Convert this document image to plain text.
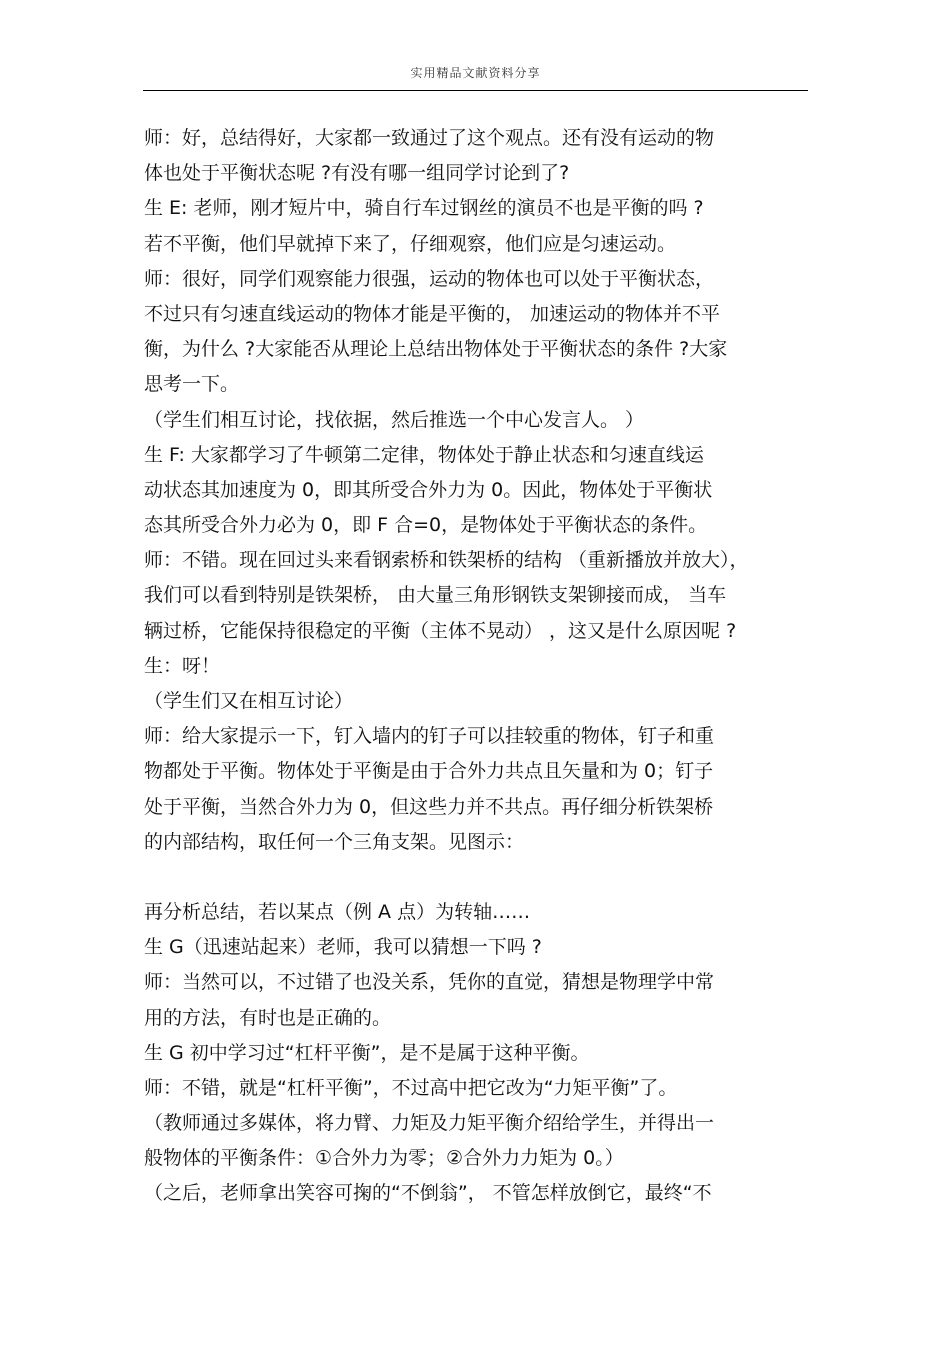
实用精品文献资料分享
师：好，总结得好，大家都一致通过了这个观点。还有没有运动的物
体也处于平衡状态呢 ?有没有哪一组同学讨论到了?
生 E: 老师，刚才短片中，骑自行车过钢丝的演员不也是平衡的吗 ?
若不平衡，他们早就掉下来了，仔细观察，他们应是匀速运动。
师：很好，同学们观察能力很强，运动的物体也可以处于平衡状态，
不过只有匀速直线运动的物体才能是平衡的， 加速运动的物体并不平
衡，为什么 ?大家能否从理论上总结出物体处于平衡状态的条件 ?大家
思考一下。
（学生们相互讨论，找依据，然后推选一个中心发言人。 ）
生 F: 大家都学习了牛顿第二定律，物体处于静止状态和匀速直线运
动状态其加速度为 0，即其所受合外力为 0。因此，物体处于平衡状
态其所受合外力必为 0，即 F 合=0，是物体处于平衡状态的条件。
师：不错。现在回过头来看钢索桥和铁架桥的结构 （重新播放并放大），
我们可以看到特别是铁架桥， 由大量三角形钢铁支架铆接而成， 当车
辆过桥，它能保持很稳定的平衡（主体不晃动） ，这又是什么原因呢 ?
生：呀！
（学生们又在相互讨论）
师：给大家提示一下，钉入墙内的钉子可以挂较重的物体，钉子和重
物都处于平衡。物体处于平衡是由于合外力共点且矢量和为 0；钉子
处于平衡，当然合外力为 0，但这些力并不共点。再仔细分析铁架桥
的内部结构，取任何一个三角支架。见图示：
再分析总结，若以某点（例 A 点）为转轴……
生 G（迅速站起来）老师，我可以猜想一下吗 ?
师：当然可以，不过错了也没关系，凭你的直觉，猜想是物理学中常
用的方法，有时也是正确的。
生 G 初中学习过“杠杆平衡”，是不是属于这种平衡。
师：不错，就是“杠杆平衡”，不过高中把它改为“力矩平衡”了。
（教师通过多媒体，将力臂、力矩及力矩平衡介绍给学生，并得出一
般物体的平衡条件：①合外力为零；②合外力力矩为 0。）
（之后，老师拿出笑容可掬的“不倒翁”， 不管怎样放倒它，最终“不
